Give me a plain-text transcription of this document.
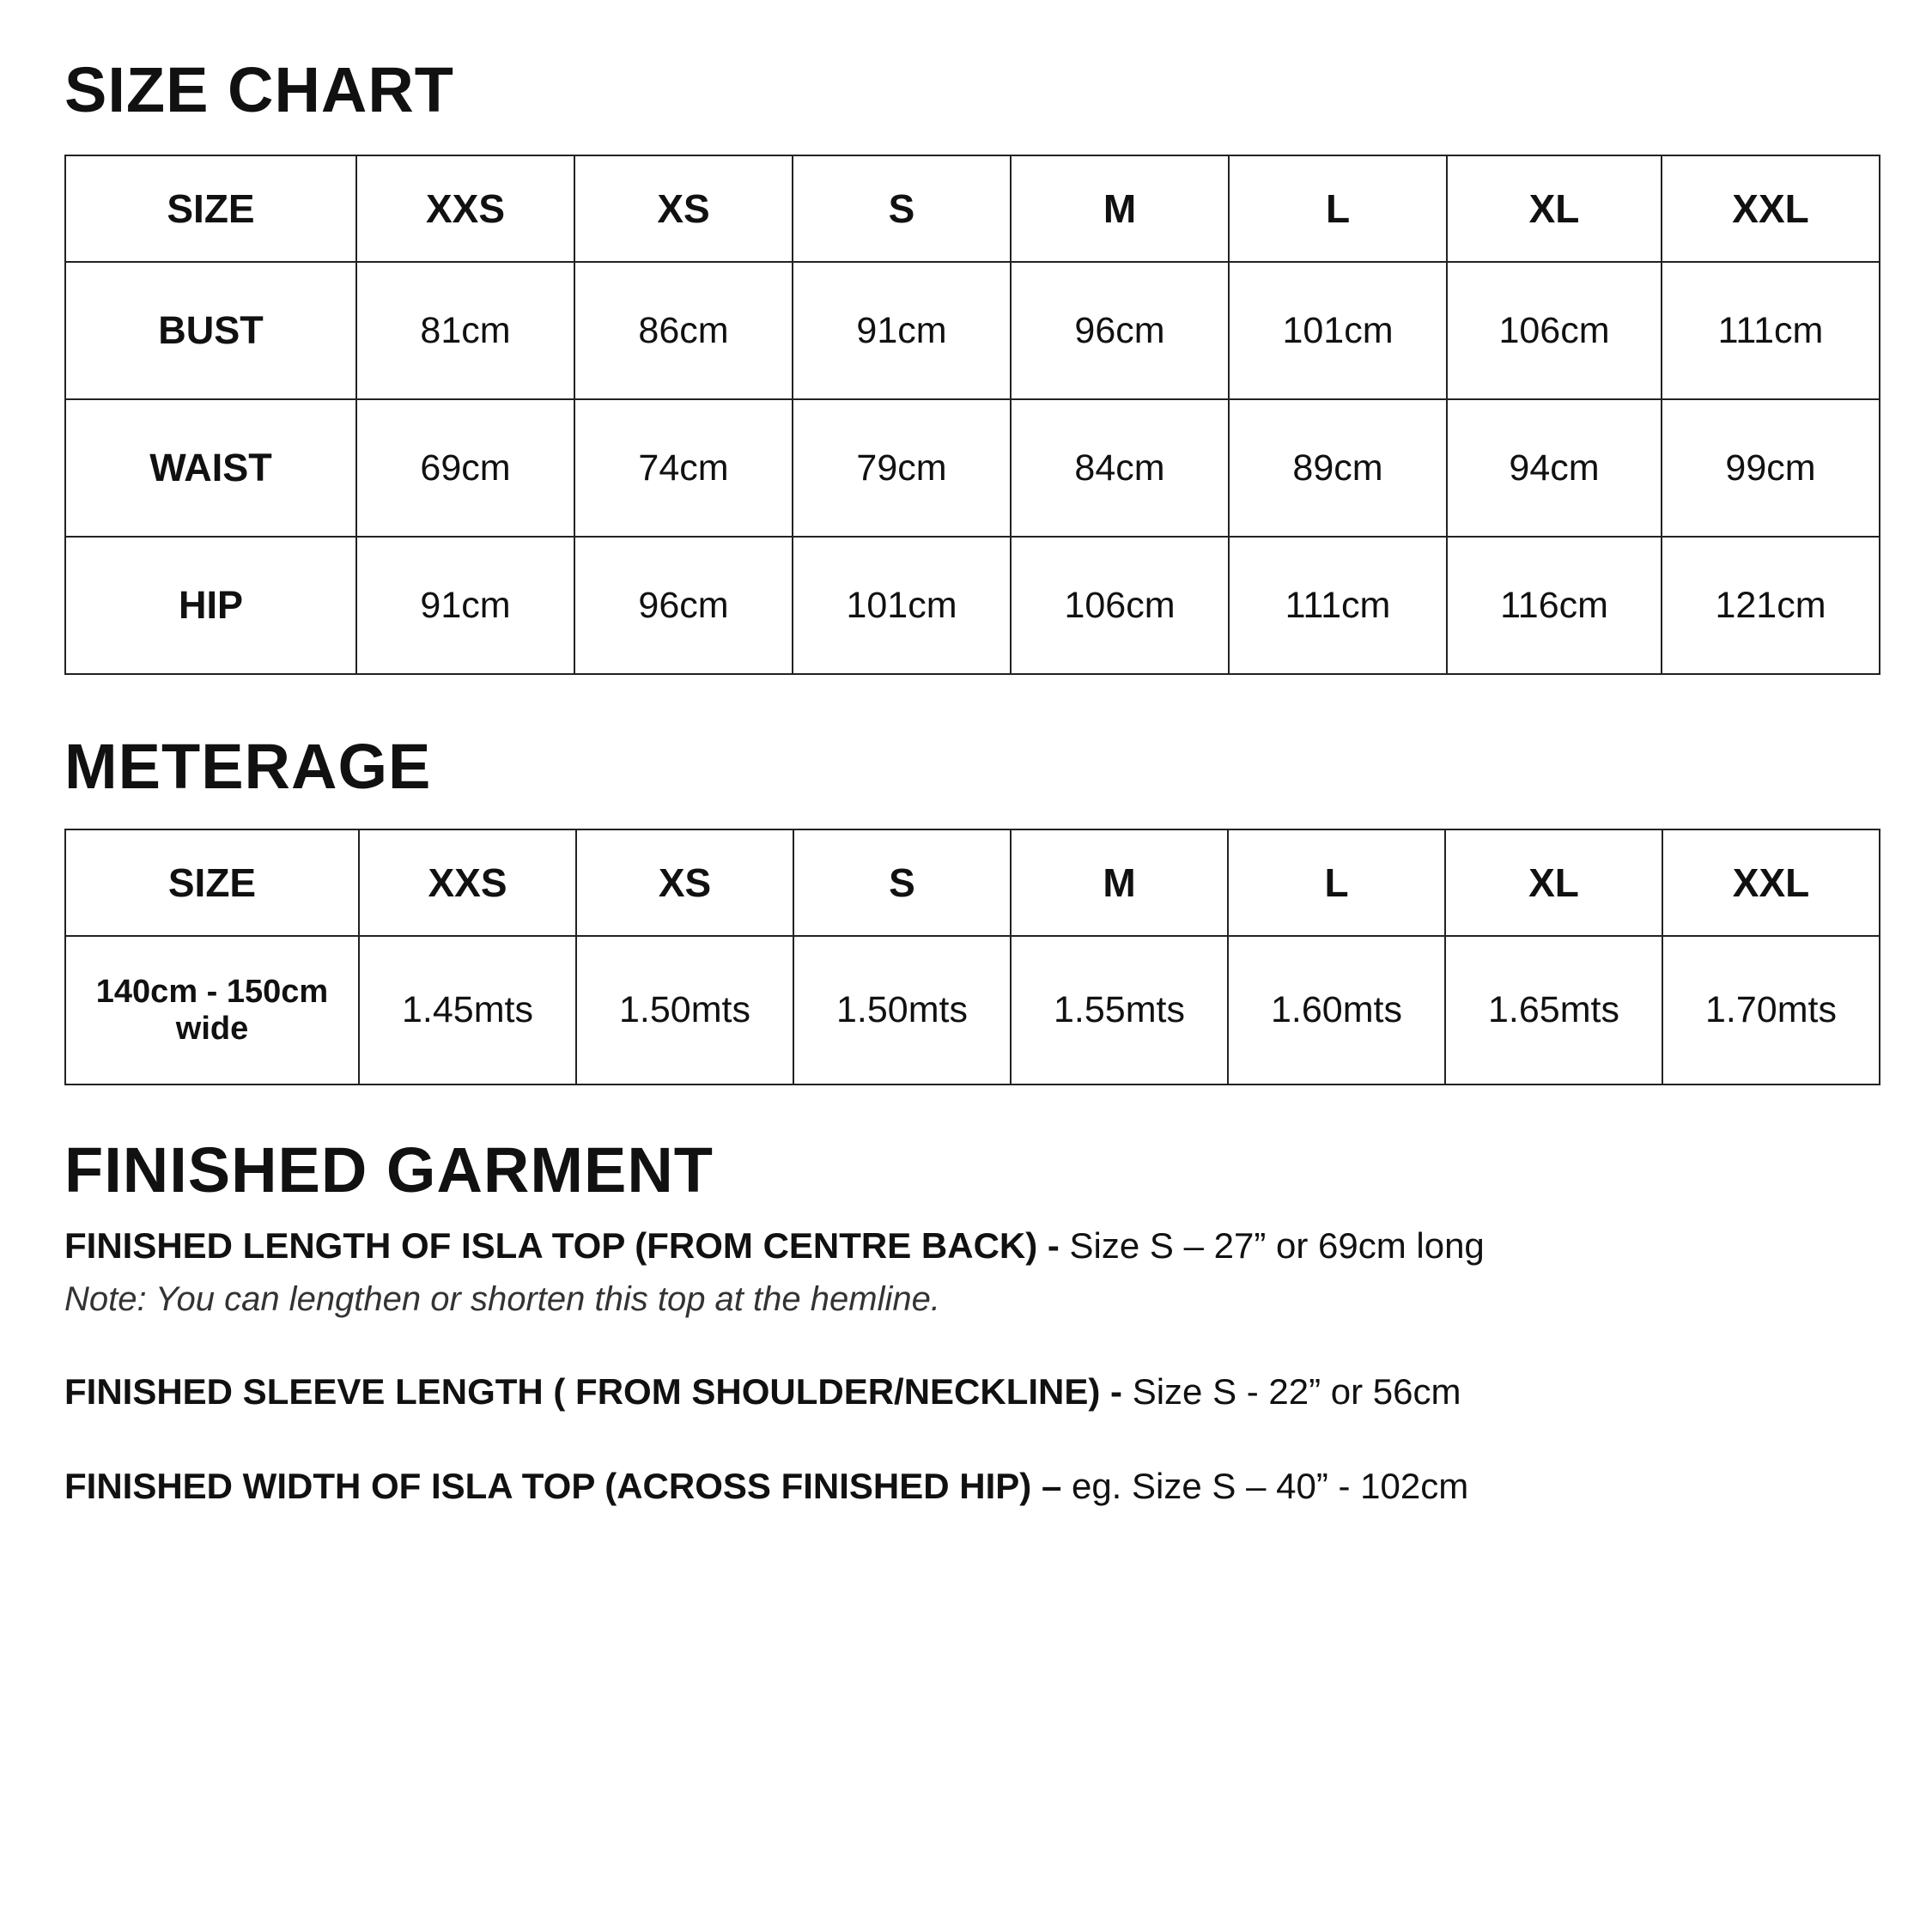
SIZE CHART
SIZE	XXS	XS	S	M	L	XL	XXL
BUST	81cm	86cm	91cm	96cm	101cm	106cm	111cm
WAIST	69cm	74cm	79cm	84cm	89cm	94cm	99cm
HIP	91cm	96cm	101cm	106cm	111cm	116cm	121cm
METERAGE
SIZE	XXS	XS	S	M	L	XL	XXL

140cm - 150cm
wide	1.45mts	1.50mts	1.50mts	1.55mts	1.60mts	1.65mts	1.70mts
FINISHED GARMENT

FINISHED LENGTH OF ISLA TOP (FROM CENTRE BACK) - Size S – 27” or 69cm long

Note: You can lengthen or shorten this top at the hemline.

FINISHED SLEEVE LENGTH ( FROM SHOULDER/NECKLINE) - Size S - 22” or 56cm

FINISHED WIDTH OF ISLA TOP (ACROSS FINISHED HIP) – eg. Size S – 40” - 102cm
